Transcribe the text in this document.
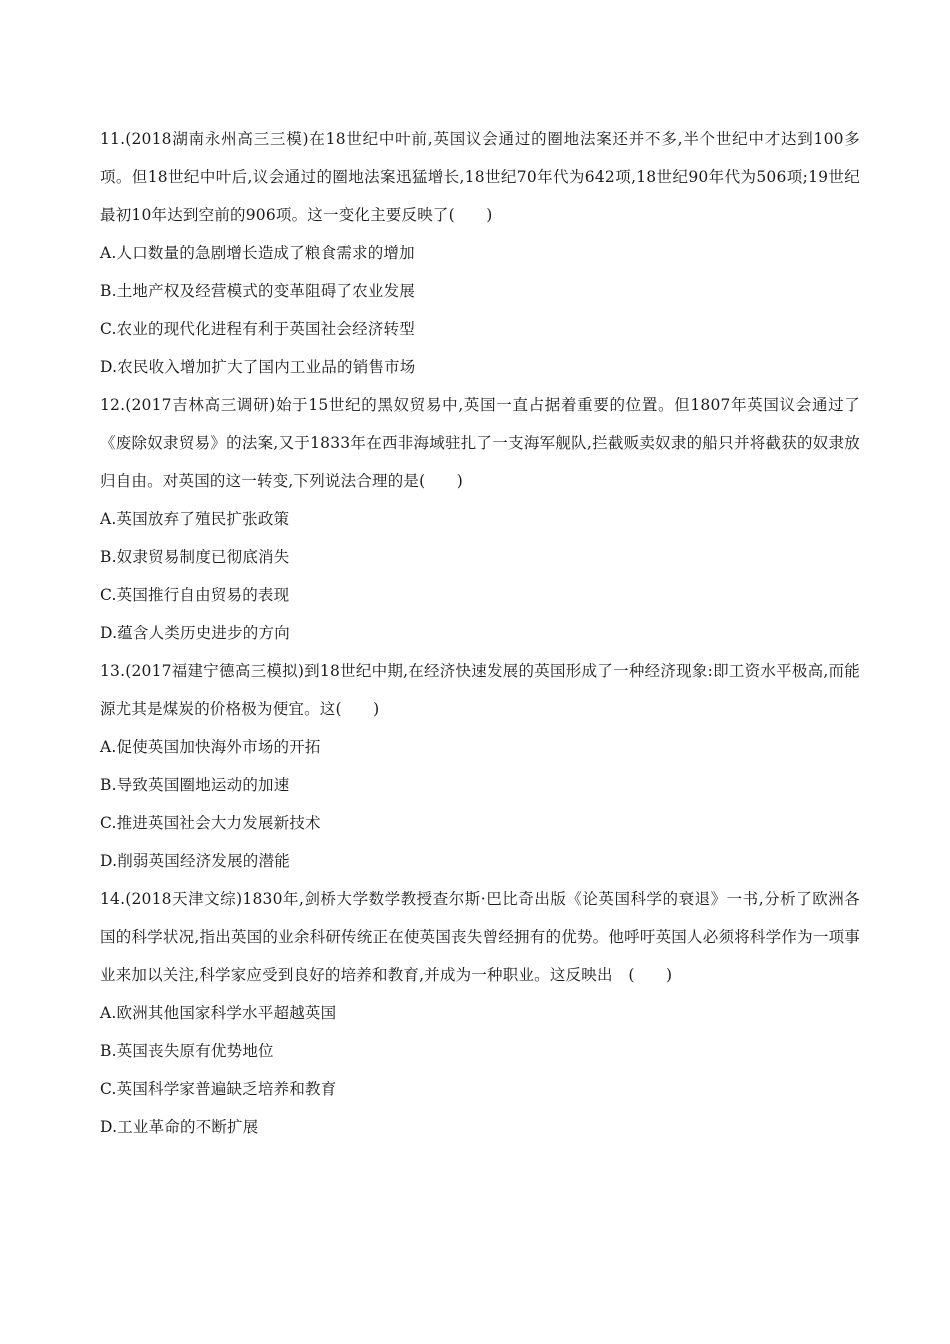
11.(2018湖南永州高三三模)在18世纪中叶前,英国议会通过的圈地法案还并不多,半个世纪中才达到100多项。但18世纪中叶后,议会通过的圈地法案迅猛增长,18世纪70年代为642项,18世纪90年代为506项;19世纪最初10年达到空前的906项。这一变化主要反映了(　　)

A.人口数量的急剧增长造成了粮食需求的增加

B.土地产权及经营模式的变革阻碍了农业发展

C.农业的现代化进程有利于英国社会经济转型

D.农民收入增加扩大了国内工业品的销售市场

12.(2017吉林高三调研)始于15世纪的黑奴贸易中,英国一直占据着重要的位置。但1807年英国议会通过了《废除奴隶贸易》的法案,又于1833年在西非海域驻扎了一支海军舰队,拦截贩卖奴隶的船只并将截获的奴隶放归自由。对英国的这一转变,下列说法合理的是(　　)

A.英国放弃了殖民扩张政策

B.奴隶贸易制度已彻底消失

C.英国推行自由贸易的表现

D.蕴含人类历史进步的方向

13.(2017福建宁德高三模拟)到18世纪中期,在经济快速发展的英国形成了一种经济现象:即工资水平极高,而能源尤其是煤炭的价格极为便宜。这(　　)

A.促使英国加快海外市场的开拓

B.导致英国圈地运动的加速

C.推进英国社会大力发展新技术

D.削弱英国经济发展的潜能

14.(2018天津文综)1830年,剑桥大学数学教授查尔斯·巴比奇出版《论英国科学的衰退》一书,分析了欧洲各国的科学状况,指出英国的业余科研传统正在使英国丧失曾经拥有的优势。他呼吁英国人必须将科学作为一项事业来加以关注,科学家应受到良好的培养和教育,并成为一种职业。这反映出　(　　)

A.欧洲其他国家科学水平超越英国

B.英国丧失原有优势地位

C.英国科学家普遍缺乏培养和教育

D.工业革命的不断扩展
